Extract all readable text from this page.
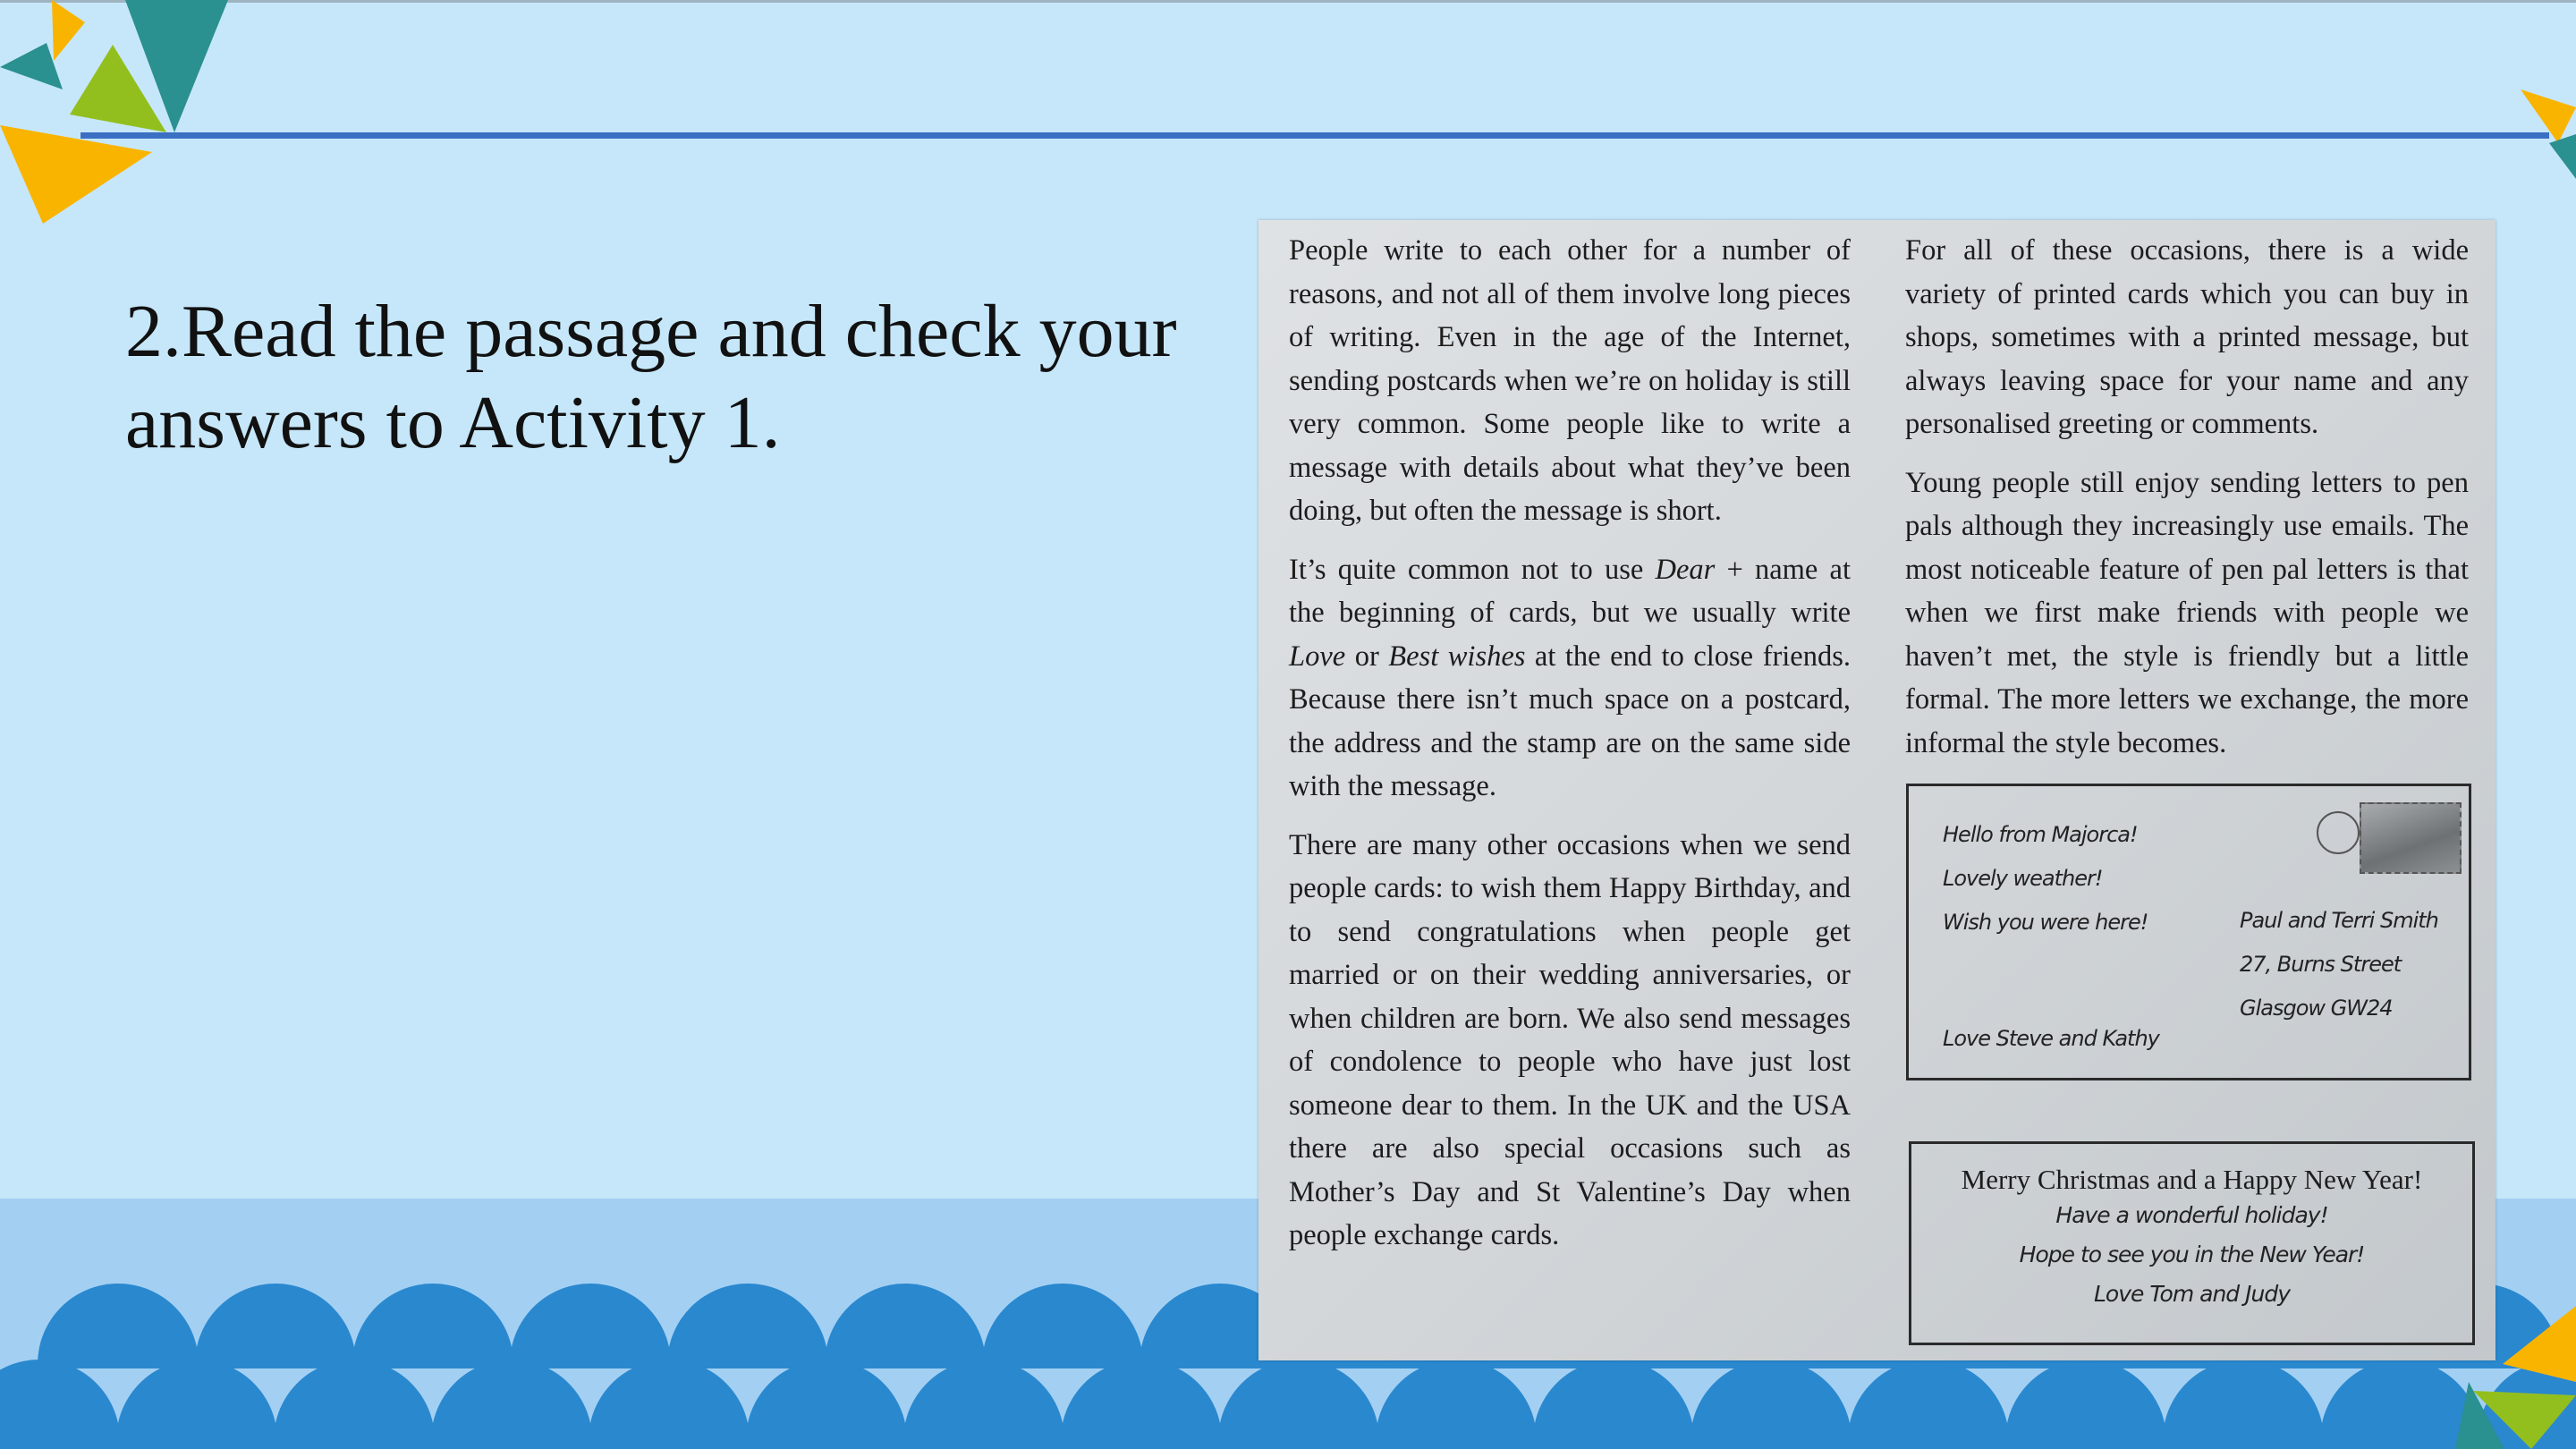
2.Read the passage and check your
answers to Activity 1.

People write to each other for a number of reasons, and not all of them involve long pieces of writing. Even in the age of the Internet, sending postcards when we’re on holiday is still very common. Some people like to write a message with details about what they’ve been doing, but often the message is short.

It’s quite common not to use Dear + name at the beginning of cards, but we usually write Love or Best wishes at the end to close friends. Because there isn’t much space on a postcard, the address and the stamp are on the same side with the message.

There are many other occasions when we send people cards: to wish them Happy Birthday, and to send congratulations when people get married or on their wedding anniversaries, or when children are born. We also send messages of condolence to people who have just lost someone dear to them. In the UK and the USA there are also special occasions such as Mother’s Day and St Valentine’s Day when people exchange cards.

For all of these occasions, there is a wide variety of printed cards which you can buy in shops, sometimes with a printed message, but always leaving space for your name and any personalised greeting or comments.

Young people still enjoy sending letters to pen pals although they increasingly use emails. The most noticeable feature of pen pal letters is that when we first make friends with people we haven’t met, the style is friendly but a little formal. The more letters we exchange, the more informal the style becomes.

Hello from Majorca!
Lovely weather!
Wish you were here!
Love Steve and Kathy
Paul and Terri Smith
27, Burns Street
Glasgow GW24
Merry Christmas and a Happy New Year!
Have a wonderful holiday!
Hope to see you in the New Year!
Love Tom and Judy
